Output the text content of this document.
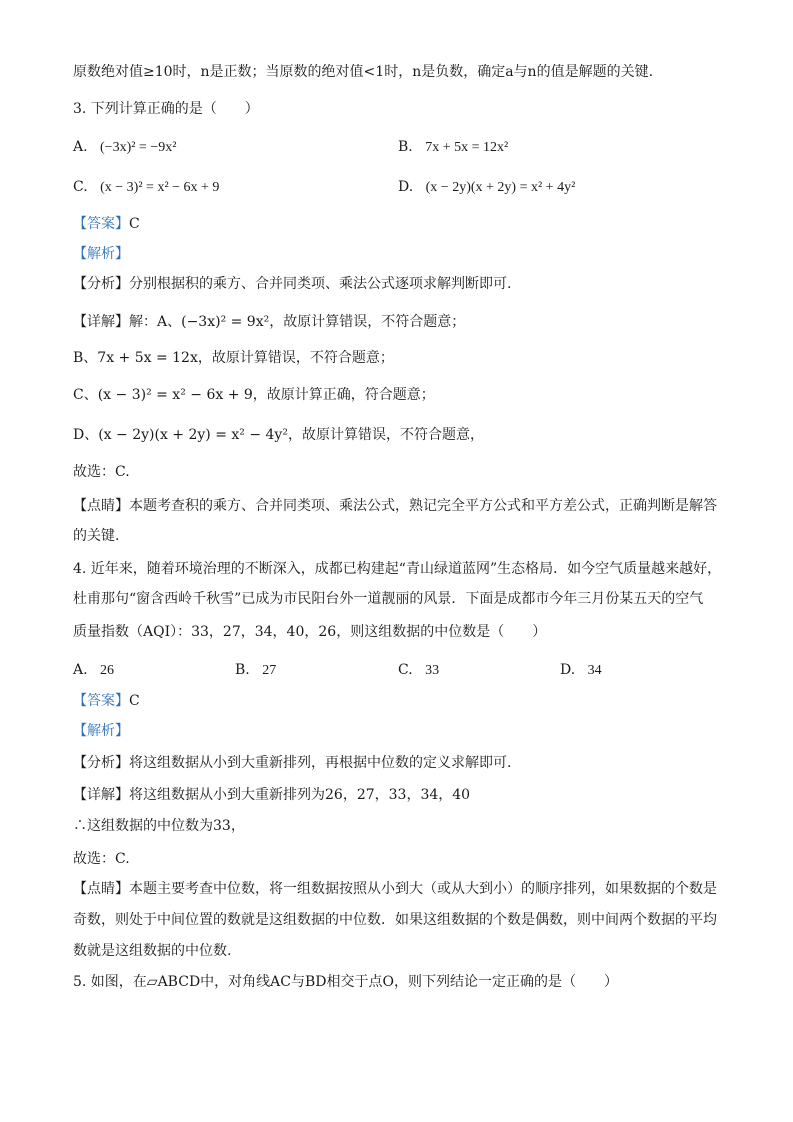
原数绝对值≥10时，n是正数；当原数的绝对值<1时，n是负数，确定a与n的值是解题的关键.
3. 下列计算正确的是（　　）
A. (−3x)² = −9x²	B. 7x + 5x = 12x²
C. (x − 3)² = x² − 6x + 9	D. (x − 2y)(x + 2y) = x² + 4y²
【答案】C
【解析】
【分析】分别根据积的乘方、合并同类项、乘法公式逐项求解判断即可.
【详解】解：A、(−3x)² = 9x²，故原计算错误，不符合题意；
B、7x + 5x = 12x，故原计算错误，不符合题意；
C、(x − 3)² = x² − 6x + 9，故原计算正确，符合题意；
D、(x − 2y)(x + 2y) = x² − 4y²，故原计算错误，不符合题意，
故选：C.
【点睛】本题考查积的乘方、合并同类项、乘法公式，熟记完全平方公式和平方差公式，正确判断是解答
的关键.
4. 近年来，随着环境治理的不断深入，成都已构建起“青山绿道蓝网”生态格局．如今空气质量越来越好，
杜甫那句“窗含西岭千秋雪”已成为市民阳台外一道靓丽的风景．下面是成都市今年三月份某五天的空气
质量指数（AQI）：33，27，34，40，26，则这组数据的中位数是（　　）
A. 26	B. 27	C. 33	D. 34
【答案】C
【解析】
【分析】将这组数据从小到大重新排列，再根据中位数的定义求解即可.
【详解】将这组数据从小到大重新排列为26，27，33，34，40
∴这组数据的中位数为33，
故选：C.
【点睛】本题主要考查中位数，将一组数据按照从小到大（或从大到小）的顺序排列，如果数据的个数是
奇数，则处于中间位置的数就是这组数据的中位数．如果这组数据的个数是偶数，则中间两个数据的平均
数就是这组数据的中位数.
5. 如图，在▱ABCD中，对角线AC与BD相交于点O，则下列结论一定正确的是（　　）
